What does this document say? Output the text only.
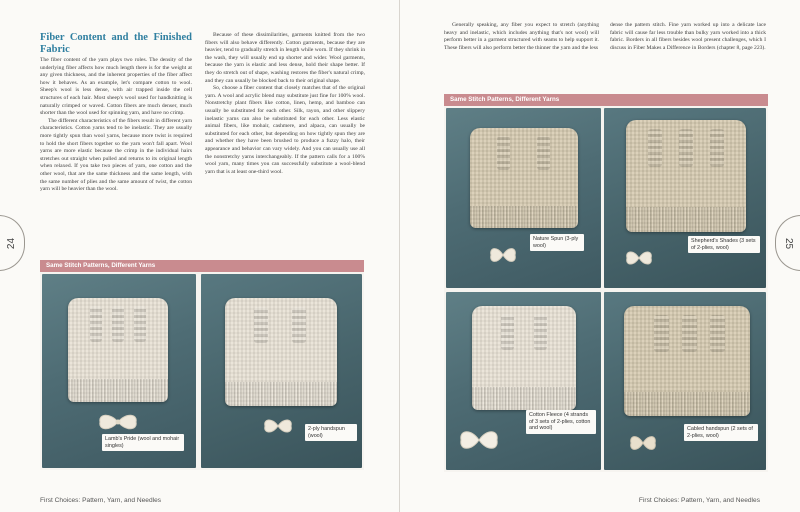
24
Fiber Content and the Finished Fabric

The fiber content of the yarn plays two roles. The density of the underlying fiber affects how much length there is for the weight at any given thickness, and the inherent properties of the fiber affect how it behaves. As an example, let's compare cotton to wool. Sheep's wool is less dense, with air trapped inside the cell structures of each hair. Most sheep's wool used for handknitting is naturally crimped or waved. Cotton fibers are much denser, much shorter than the wool used for spinning yarn, and have no crimp.

The different characteristics of the fibers result in different yarn characteristics. Cotton yarns tend to be inelastic. They are usually more tightly spun than wool yarns, because more twist is required to hold the short fibers together so the yarn won't fall apart. Wool yarns are more elastic because the crimp in the individual hairs stretches out straight when pulled and returns to its original length when relaxed. If you take two pieces of yarn, one cotton and the other wool, that are the same thickness and the same length, with the same number of plies and the same amount of twist, the cotton yarn will be heavier than the wool.

Because of these dissimilarities, garments knitted from the two fibers will also behave differently. Cotton garments, because they are heavier, tend to gradually stretch in length while worn. If they shrink in the wash, they will usually end up shorter and wider. Wool garments, because the yarn is elastic and less dense, hold their shape better. If they do stretch out of shape, washing restores the fiber's natural crimp, and they can usually be blocked back to their original shape.

So, choose a fiber content that closely matches that of the original yarn. A wool and acrylic blend may substitute just fine for 100% wool. Nonstretchy plant fibers like cotton, linen, hemp, and bamboo can usually be substituted for each other. Silk, rayon, and other slippery inelastic yarns can also be substituted for each other. Less elastic animal fibers, like mohair, cashmere, and alpaca, can usually be substituted for each other, but depending on how tightly spun they are and whether they have been brushed to produce a fuzzy halo, their appearance and behavior can vary widely. And you can usually use all the nonstretchy yarns interchangeably. If the pattern calls for a 100% wool yarn, many times you can successfully substitute a wool-blend yarn that is at least one-third wool.

Same Stitch Patterns, Different Yarns
Lamb's Pride (wool and mohair singles)
2-ply handspun (wool)
First Choices: Pattern, Yarn, and Needles
25

Generally speaking, any fiber you expect to stretch (anything heavy and inelastic, which includes anything that's not wool) will perform better in a garment structured with seams to help support it. These fibers will also perform better the thinner the yarn and the less

dense the pattern stitch. Fine yarn worked up into a delicate lace fabric will cause far less trouble than bulky yarn worked into a thick fabric. Borders in all fibers besides wool present challenges, which I discuss in Fiber Makes a Difference in Borders (chapter 8, page 223).

Same Stitch Patterns, Different Yarns
Nature Spun (3-ply wool)
Shepherd's Shades (3 sets of 2-plies, wool)
Cotton Fleece (4 strands of 3 sets of 2-plies, cotton and wool)	Cabled handspun (2 sets of 2-plies, wool)
First Choices: Pattern, Yarn, and Needles
